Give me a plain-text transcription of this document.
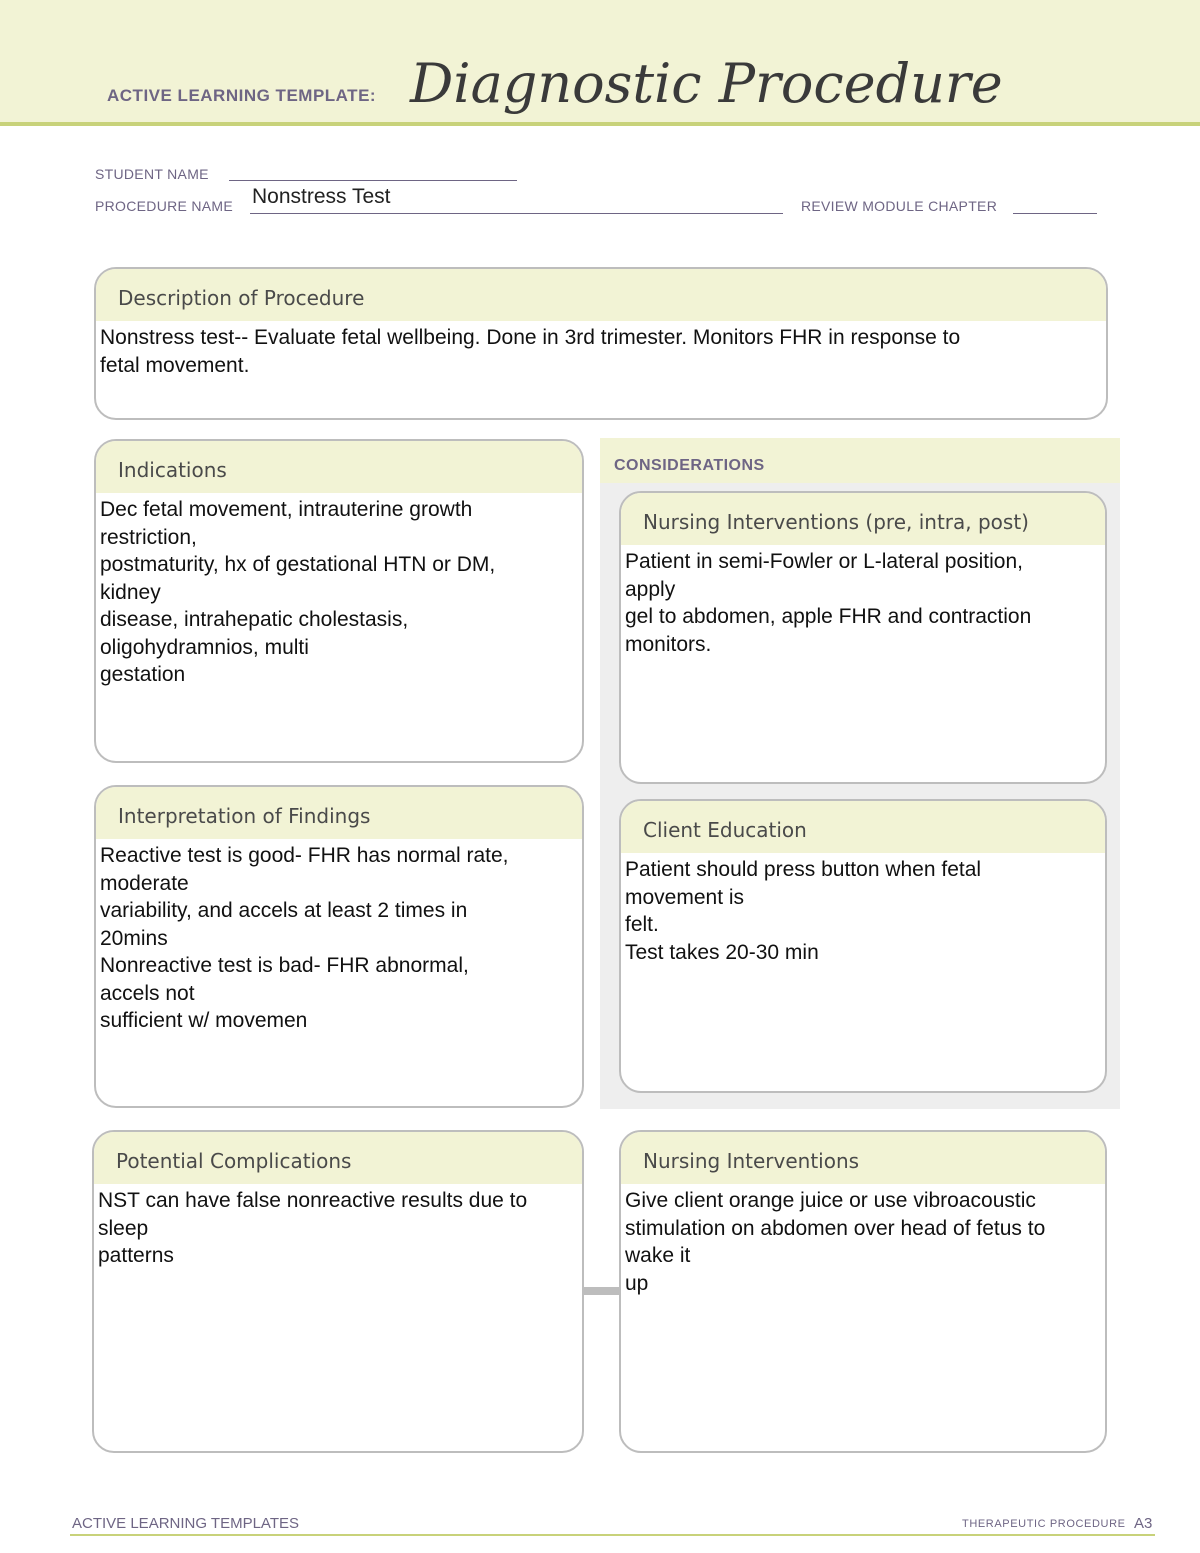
ACTIVE LEARNING TEMPLATE: Diagnostic Procedure
STUDENT NAME
PROCEDURE NAME Nonstress Test	REVIEW MODULE CHAPTER
Description of Procedure
Nonstress test-- Evaluate fetal wellbeing. Done in 3rd trimester. Monitors FHR in response to
fetal movement.
CONSIDERATIONS
Indications
Dec fetal movement, intrauterine growth
restriction,
postmaturity, hx of gestational HTN or DM,
kidney
disease, intrahepatic cholestasis,
oligohydramnios, multi
gestation
Nursing Interventions (pre, intra, post)
Patient in semi-Fowler or L-lateral position,
apply
gel to abdomen, apple FHR and contraction
monitors.
Interpretation of Findings
Reactive test is good- FHR has normal rate,
moderate
variability, and accels at least 2 times in
20mins
Nonreactive test is bad- FHR abnormal,
accels not
sufficient w/ movemen
Client Education
Patient should press button when fetal
movement is
felt.
Test takes 20-30 min
Potential Complications
NST can have false nonreactive results due to
sleep
patterns
Nursing Interventions
Give client orange juice or use vibroacoustic
stimulation on abdomen over head of fetus to
wake it
up
ACTIVE LEARNING TEMPLATES	THERAPEUTIC PROCEDURE A3
